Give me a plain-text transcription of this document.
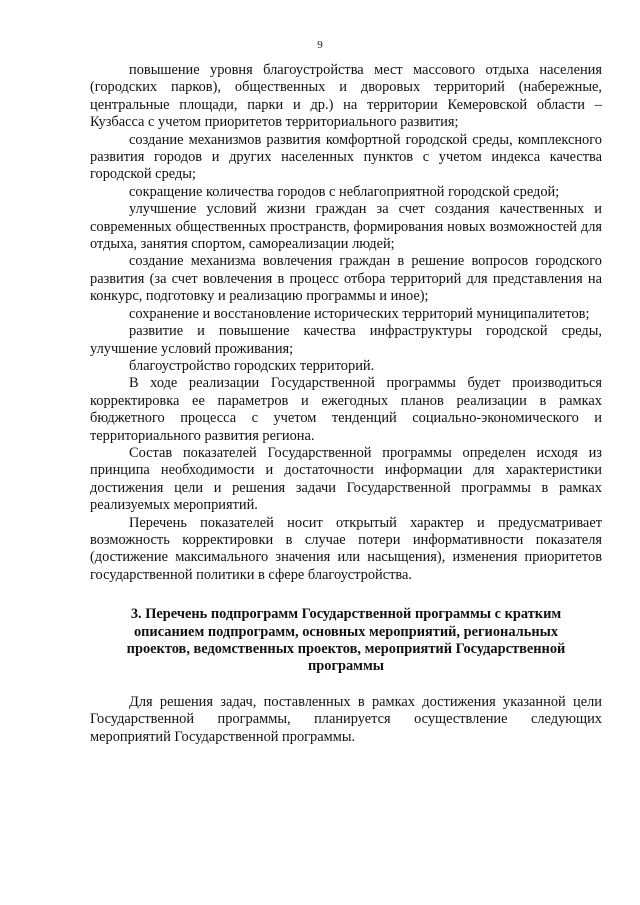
9

повышение уровня благоустройства мест массового отдыха населения (городских парков), общественных и дворовых территорий (набережные, центральные площади, парки и др.) на территории Кемеровской области – Кузбасса с учетом приоритетов территориального развития;

создание механизмов развития комфортной городской среды, комплексного развития городов и других населенных пунктов с учетом индекса качества городской среды;

сокращение количества городов с неблагоприятной городской средой;

улучшение условий жизни граждан за счет создания качественных и современных общественных пространств, формирования новых возможностей для отдыха, занятия спортом, самореализации людей;

создание механизма вовлечения граждан в решение вопросов городского развития (за счет вовлечения в процесс отбора территорий для представления на конкурс, подготовку и реализацию программы и иное);

сохранение и восстановление исторических территорий муниципалитетов;

развитие и повышение качества инфраструктуры городской среды, улучшение условий проживания;

благоустройство городских территорий.

В ходе реализации Государственной программы будет производиться корректировка ее параметров и ежегодных планов реализации в рамках бюджетного процесса с учетом тенденций социально-экономического и территориального развития региона.

Состав показателей Государственной программы определен исходя из принципа необходимости и достаточности информации для характеристики достижения цели и решения задачи Государственной программы в рамках реализуемых мероприятий.

Перечень показателей носит открытый характер и предусматривает возможность корректировки в случае потери информативности показателя (достижение максимального значения или насыщения), изменения приоритетов государственной политики в сфере благоустройства.

3. Перечень подпрограмм Государственной программы с кратким описанием подпрограмм, основных мероприятий, региональных проектов, ведомственных проектов, мероприятий Государственной программы

Для решения задач, поставленных в рамках достижения указанной цели Государственной программы, планируется осуществление следующих мероприятий Государственной программы.
